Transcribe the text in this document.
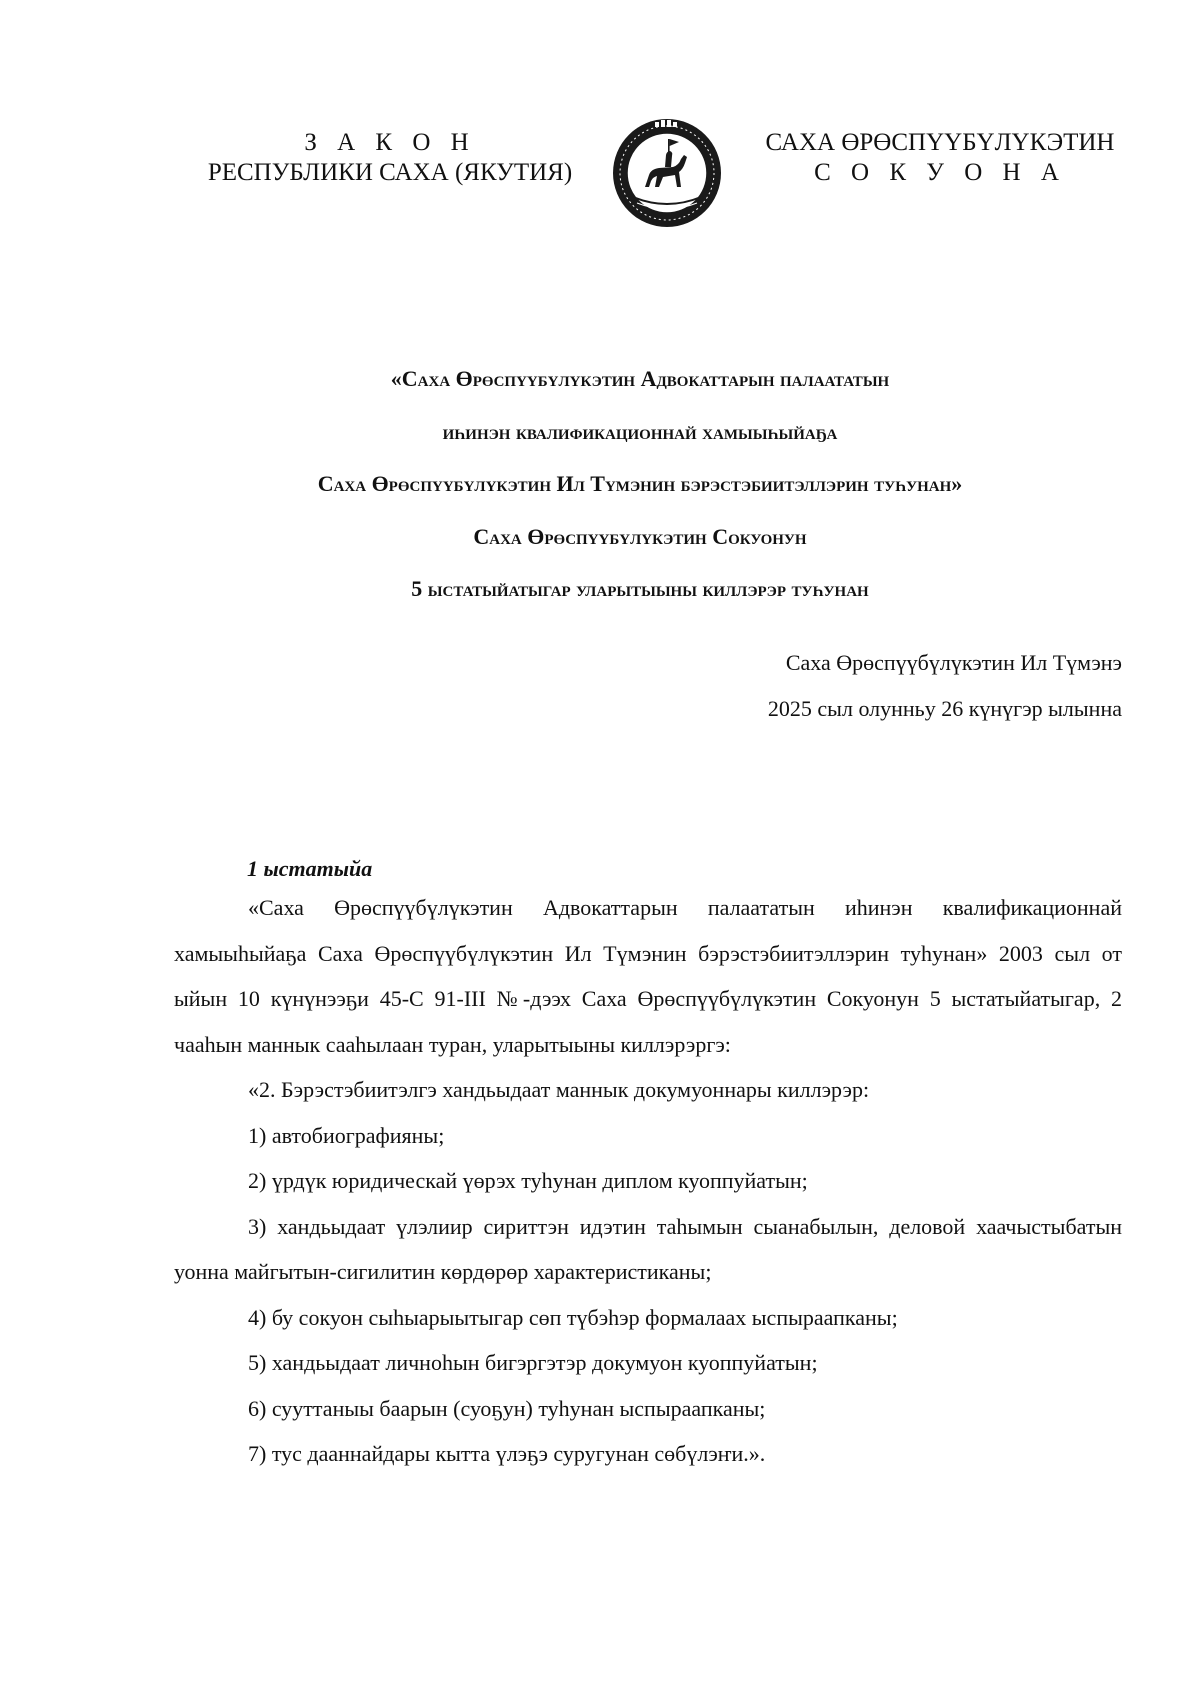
З А К О Н
РЕСПУБЛИКИ САХА (ЯКУТИЯ)
САХА ӨРӨСПҮҮБҮЛҮКЭТИН
С О К У О Н А
«Саха Өрөспүүбүлүкэтин Адвокаттарын палаататын
иһинэн квалификационнай хамыыһыйаҕа
Саха Өрөспүүбүлүкэтин Ил Түмэнин бэрэстэбиитэллэрин туһунан»
Саха Өрөспүүбүлүкэтин Сокуонун
5 ыстатыйатыгар уларытыыны киллэрэр туһунан
Саха Өрөспүүбүлүкэтин Ил Түмэнэ
2025 сыл олунньу 26 күнүгэр ылынна
1 ыстатыйа

«Саха Өрөспүүбүлүкэтин Адвокаттарын палаататын иһинэн квалификационнай хамыыһыйаҕа Саха Өрөспүүбүлүкэтин Ил Түмэнин бэрэстэбиитэллэрин туһунан» 2003 сыл от ыйын 10 күнүнээҕи 45-С 91-III №-дээх Саха Өрөспүүбүлүкэтин Сокуонун 5 ыстатыйатыгар, 2 чааһын маннык сааһылаан туран, уларытыыны киллэрэргэ:

«2. Бэрэстэбиитэлгэ хандьыдаат маннык докумуоннары киллэрэр:

1) автобиографияны;

2) үрдүк юридическай үөрэх туһунан диплом куоппуйатын;

3) хандьыдаат үлэлиир сириттэн идэтин таһымын сыанабылын, деловой хаачыстыбатын уонна майгытын-сигилитин көрдөрөр характеристиканы;

4) бу сокуон сыһыарыытыгар сөп түбэһэр формалаах ыспыраапканы;

5) хандьыдаат личноһын бигэргэтэр докумуон куоппуйатын;

6) сууттаныы баарын (суоҕун) туһунан ыспыраапканы;

7) тус дааннайдары кытта үлэҕэ суругунан сөбүлэҥи.».
